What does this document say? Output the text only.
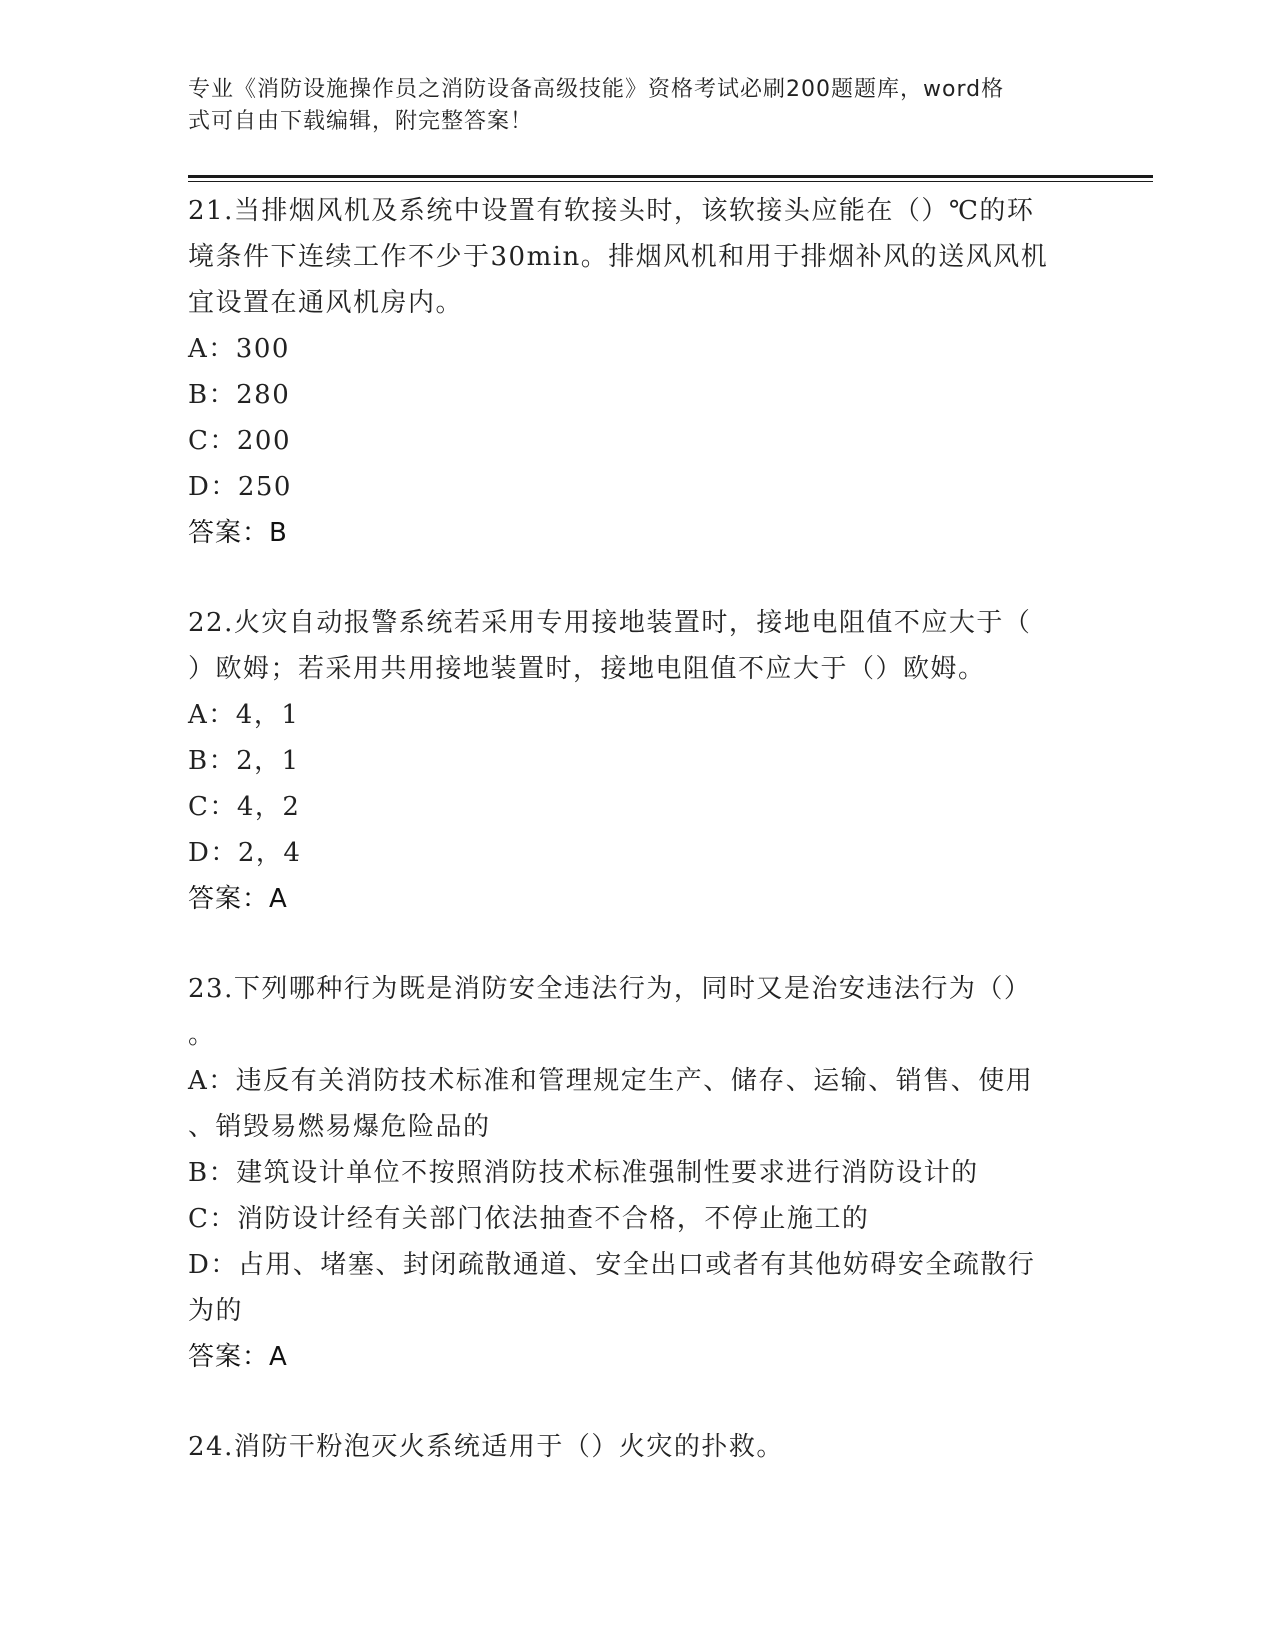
专业《消防设施操作员之消防设备高级技能》资格考试必刷200题题库，word格
式可自由下载编辑，附完整答案！

21.当排烟风机及系统中设置有软接头时，该软接头应能在（）℃的环

境条件下连续工作不少于30min。排烟风机和用于排烟补风的送风风机

宜设置在通风机房内。

A：300

B：280

C：200

D：250

答案：B

22.火灾自动报警系统若采用专用接地装置时，接地电阻值不应大于（

）欧姆；若采用共用接地装置时，接地电阻值不应大于（）欧姆。

A：4，1

B：2，1

C：4，2

D：2，4

答案：A

23.下列哪种行为既是消防安全违法行为，同时又是治安违法行为（）

。

A：违反有关消防技术标准和管理规定生产、储存、运输、销售、使用

、销毁易燃易爆危险品的

B：建筑设计单位不按照消防技术标准强制性要求进行消防设计的

C：消防设计经有关部门依法抽查不合格，不停止施工的

D：占用、堵塞、封闭疏散通道、安全出口或者有其他妨碍安全疏散行

为的

答案：A

24.消防干粉泡灭火系统适用于（）火灾的扑救。
